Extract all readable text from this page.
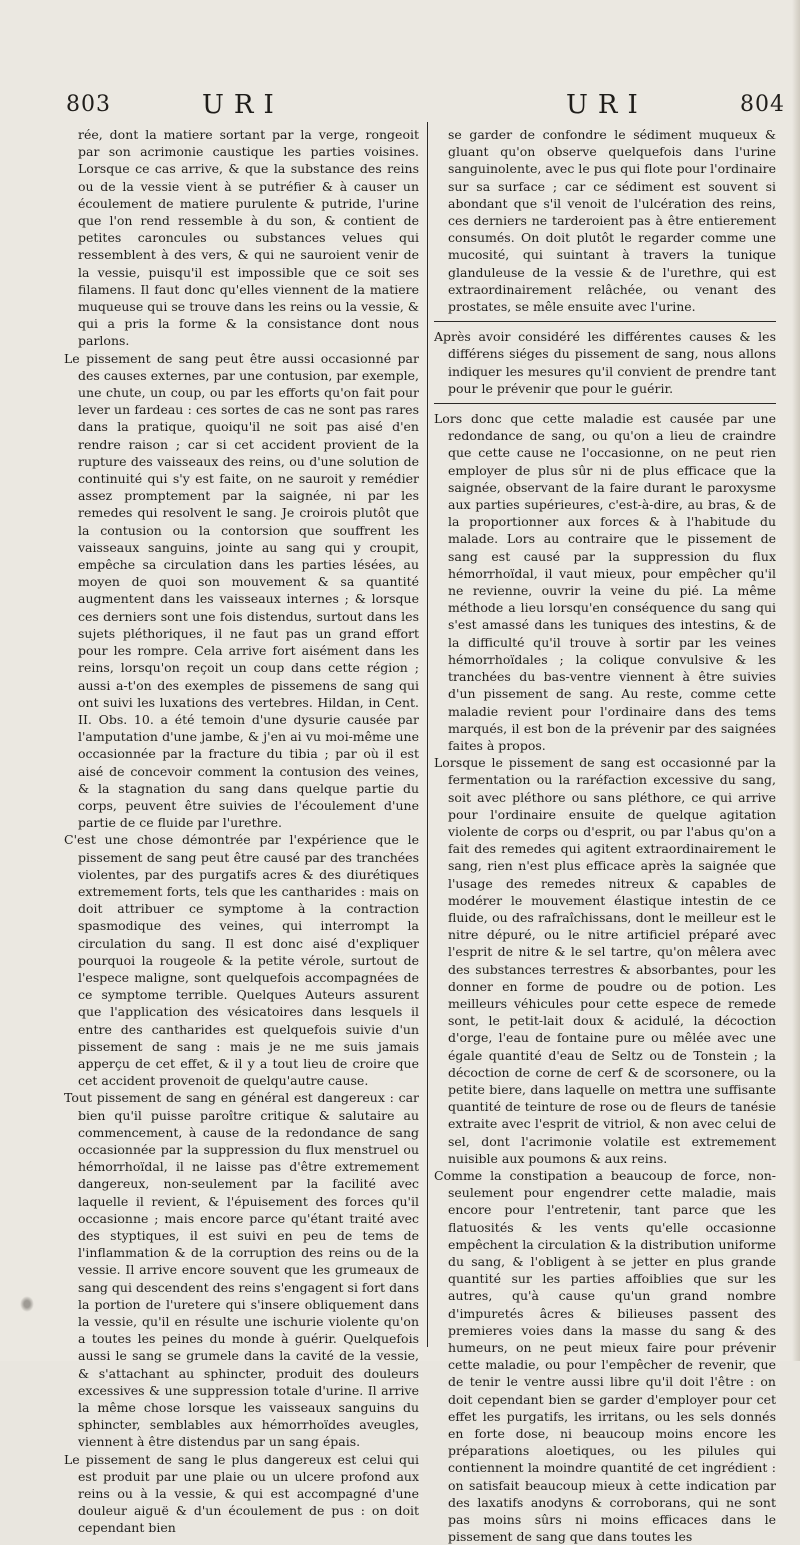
803	URI	URI	804

rée, dont la matiere sortant par la verge, rongeoit par son acrimonie caustique les parties voisines. Lorsque ce cas arrive, & que la substance des reins ou de la vessie vient à se putréfier & à causer un écoulement de matiere purulente & putride, l'urine que l'on rend ressemble à du son, & contient de petites caroncules ou substances velues qui ressemblent à des vers, & qui ne sauroient venir de la vessie, puisqu'il est impossible que ce soit ses filamens. Il faut donc qu'elles viennent de la matiere muqueuse qui se trouve dans les reins ou la vessie, & qui a pris la forme & la consistance dont nous parlons.

Le pissement de sang peut être aussi occasionné par des causes externes, par une contusion, par exemple, une chute, un coup, ou par les efforts qu'on fait pour lever un fardeau : ces sortes de cas ne sont pas rares dans la pratique, quoiqu'il ne soit pas aisé d'en rendre raison ; car si cet accident provient de la rupture des vaisseaux des reins, ou d'une solution de continuité qui s'y est faite, on ne sauroit y remédier assez promptement par la saignée, ni par les remedes qui resolvent le sang. Je croirois plutôt que la contusion ou la contorsion que souffrent les vaisseaux sanguins, jointe au sang qui y croupit, empêche sa circulation dans les parties lésées, au moyen de quoi son mouvement & sa quantité augmentent dans les vaisseaux internes ; & lorsque ces derniers sont une fois distendus, surtout dans les sujets pléthoriques, il ne faut pas un grand effort pour les rompre. Cela arrive fort aisément dans les reins, lorsqu'on reçoit un coup dans cette région ; aussi a-t'on des exemples de pissemens de sang qui ont suivi les luxations des vertebres. Hildan, in Cent. II. Obs. 10. a été temoin d'une dysurie causée par l'amputation d'une jambe, & j'en ai vu moi-même une occasionnée par la fracture du tibia ; par où il est aisé de concevoir comment la contusion des veines, & la stagnation du sang dans quelque partie du corps, peuvent être suivies de l'écoulement d'une partie de ce fluide par l'urethre.

C'est une chose démontrée par l'expérience que le pissement de sang peut être causé par des tranchées violentes, par des purgatifs acres & des diurétiques extremement forts, tels que les cantharides : mais on doit attribuer ce symptome à la contraction spasmodique des veines, qui interrompt la circulation du sang. Il est donc aisé d'expliquer pourquoi la rougeole & la petite vérole, surtout de l'espece maligne, sont quelquefois accompagnées de ce symptome terrible. Quelques Auteurs assurent que l'application des vésicatoires dans lesquels il entre des cantharides est quelquefois suivie d'un pissement de sang : mais je ne me suis jamais apperçu de cet effet, & il y a tout lieu de croire que cet accident provenoit de quelqu'autre cause.

Tout pissement de sang en général est dangereux : car bien qu'il puisse paroître critique & salutaire au commencement, à cause de la redondance de sang occasionnée par la suppression du flux menstruel ou hémorrhoïdal, il ne laisse pas d'être extremement dangereux, non-seulement par la facilité avec laquelle il revient, & l'épuisement des forces qu'il occasionne ; mais encore parce qu'étant traité avec des styptiques, il est suivi en peu de tems de l'inflammation & de la corruption des reins ou de la vessie. Il arrive encore souvent que les grumeaux de sang qui descendent des reins s'engagent si fort dans la portion de l'uretere qui s'insere obliquement dans la vessie, qu'il en résulte une ischurie violente qu'on a toutes les peines du monde à guérir. Quelquefois aussi le sang se grumele dans la cavité de la vessie, & s'attachant au sphincter, produit des douleurs excessives & une suppression totale d'urine. Il arrive la même chose lorsque les vaisseaux sanguins du sphincter, semblables aux hémorrhoïdes aveugles, viennent à être distendus par un sang épais.

Le pissement de sang le plus dangereux est celui qui est produit par une plaie ou un ulcere profond aux reins ou à la vessie, & qui est accompagné d'une douleur aiguë & d'un écoulement de pus : on doit cependant bien

se garder de confondre le sédiment muqueux & gluant qu'on observe quelquefois dans l'urine sanguinolente, avec le pus qui flote pour l'ordinaire sur sa surface ; car ce sédiment est souvent si abondant que s'il venoit de l'ulcération des reins, ces derniers ne tarderoient pas à être entierement consumés. On doit plutôt le regarder comme une mucosité, qui suintant à travers la tunique glanduleuse de la vessie & de l'urethre, qui est extraordinairement relâchée, ou venant des prostates, se mêle ensuite avec l'urine.

Après avoir considéré les différentes causes & les différens siéges du pissement de sang, nous allons indiquer les mesures qu'il convient de prendre tant pour le prévenir que pour le guérir.

Lors donc que cette maladie est causée par une redondance de sang, ou qu'on a lieu de craindre que cette cause ne l'occasionne, on ne peut rien employer de plus sûr ni de plus efficace que la saignée, observant de la faire durant le paroxysme aux parties supérieures, c'est-à-dire, au bras, & de la proportionner aux forces & à l'habitude du malade. Lors au contraire que le pissement de sang est causé par la suppression du flux hémorrhoïdal, il vaut mieux, pour empêcher qu'il ne revienne, ouvrir la veine du pié. La même méthode a lieu lorsqu'en conséquence du sang qui s'est amassé dans les tuniques des intestins, & de la difficulté qu'il trouve à sortir par les veines hémorrhoïdales ; la colique convulsive & les tranchées du bas-ventre viennent à être suivies d'un pissement de sang. Au reste, comme cette maladie revient pour l'ordinaire dans des tems marqués, il est bon de la prévenir par des saignées faites à propos.

Lorsque le pissement de sang est occasionné par la fermentation ou la raréfaction excessive du sang, soit avec pléthore ou sans pléthore, ce qui arrive pour l'ordinaire ensuite de quelque agitation violente de corps ou d'esprit, ou par l'abus qu'on a fait des remedes qui agitent extraordinairement le sang, rien n'est plus efficace après la saignée que l'usage des remedes nitreux & capables de modérer le mouvement élastique intestin de ce fluide, ou des rafraîchissans, dont le meilleur est le nitre dépuré, ou le nitre artificiel préparé avec l'esprit de nitre & le sel tartre, qu'on mêlera avec des substances terrestres & absorbantes, pour les donner en forme de poudre ou de potion. Les meilleurs véhicules pour cette espece de remede sont, le petit-lait doux & acidulé, la décoction d'orge, l'eau de fontaine pure ou mêlée avec une égale quantité d'eau de Seltz ou de Tonstein ; la décoction de corne de cerf & de scorsonere, ou la petite biere, dans laquelle on mettra une suffisante quantité de teinture de rose ou de fleurs de tanésie extraite avec l'esprit de vitriol, & non avec celui de sel, dont l'acrimonie volatile est extremement nuisible aux poumons & aux reins.

Comme la constipation a beaucoup de force, non-seulement pour engendrer cette maladie, mais encore pour l'entretenir, tant parce que les flatuosités & les vents qu'elle occasionne empêchent la circulation & la distribution uniforme du sang, & l'obligent à se jetter en plus grande quantité sur les parties affoiblies que sur les autres, qu'à cause qu'un grand nombre d'impuretés âcres & bilieuses passent des premieres voies dans la masse du sang & des humeurs, on ne peut mieux faire pour prévenir cette maladie, ou pour l'empêcher de revenir, que de tenir le ventre aussi libre qu'il doit l'être : on doit cependant bien se garder d'employer pour cet effet les purgatifs, les irritans, ou les sels donnés en forte dose, ni beaucoup moins encore les préparations aloetiques, ou les pilules qui contiennent la moindre quantité de cet ingrédient : on satisfait beaucoup mieux à cette indication par des laxatifs anodyns & corroborans, qui ne sont pas moins sûrs ni moins efficaces dans le pissement de sang que dans toutes les
